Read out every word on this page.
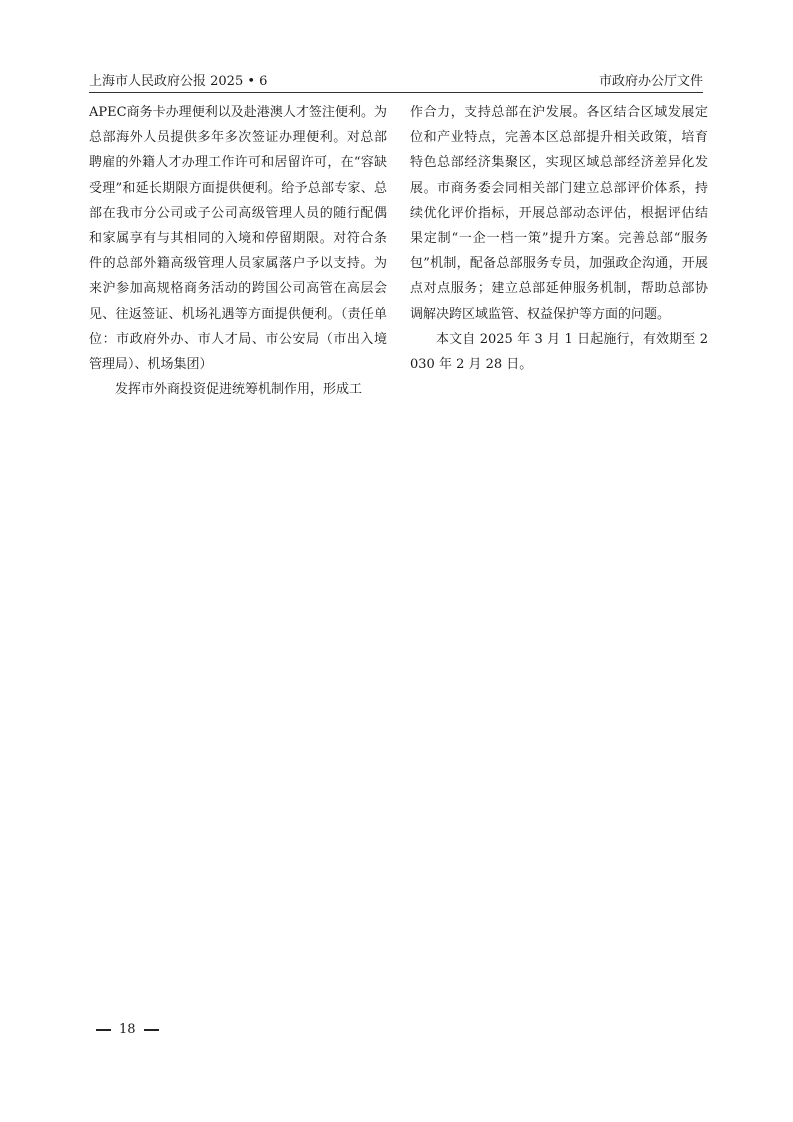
上海市人民政府公报 2025 • 6	市政府办公厅文件

APEC商务卡办理便利以及赴港澳人才签注便利。为总部海外人员提供多年多次签证办理便利。对总部聘雇的外籍人才办理工作许可和居留许可，在“容缺受理”和延长期限方面提供便利。给予总部专家、总部在我市分公司或子公司高级管理人员的随行配偶和家属享有与其相同的入境和停留期限。对符合条件的总部外籍高级管理人员家属落户予以支持。为来沪参加高规格商务活动的跨国公司高管在高层会见、往返签证、机场礼遇等方面提供便利。（责任单位：市政府外办、市人才局、市公安局（市出入境管理局）、机场集团）

发挥市外商投资促进统筹机制作用，形成工

作合力，支持总部在沪发展。各区结合区域发展定位和产业特点，完善本区总部提升相关政策，培育特色总部经济集聚区，实现区域总部经济差异化发展。市商务委会同相关部门建立总部评价体系，持续优化评价指标，开展总部动态评估，根据评估结果定制“一企一档一策”提升方案。完善总部“服务包”机制，配备总部服务专员，加强政企沟通，开展点对点服务；建立总部延伸服务机制，帮助总部协调解决跨区域监管、权益保护等方面的问题。

本文自 2025 年 3 月 1 日起施行，有效期至 2030 年 2 月 28 日。

18
